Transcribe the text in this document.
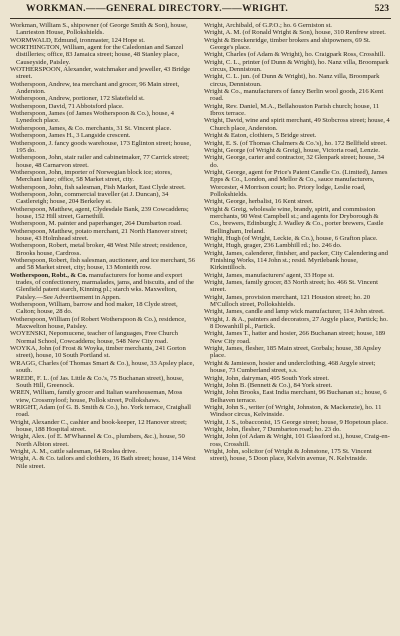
WORKMAN.——GENERAL DIRECTORY.——WRIGHT.	523
Workman, William S., shipowner (of George Smith & Son), house, Lanrieston House, Pollokshields.
WORMWALD, Edmund, ironmaster, 124 Hope st.
WORTHINGTON, William, agent for the Caledonian and Sanzel distilleries; office, 83 Jamaica street; house, 48 Stanley place, Causeyside, Paisley.
WOTHERSPOON, Alexander, watchmaker and jeweller, 43 Bridge street.
Wotherspoon, Andrew, tea merchant and grocer, 96 Main street, Anderston.
Wotherspoon, Andrew, portioner, 172 Slatefield st.
Wotherspoon, David, 71 Abbotsford place.
Wotherspoon, James (of James Wotherspoon & Co.), house, 4 Lynedoch place.
Wotherspoon, James, & Co. merchants, 31 St. Vincent place.
Wotherspoon, James H., 3 Langside crescent.
Wotherspoon, J. fancy goods warehouse, 173 Eglinton street; house, 195 do.
Wotherspoon, John, stair railer and cabinetmaker, 77 Carrick street; house, 48 Carnarvon street.
Wotherspoon, John, importer of Norwegian block ice; stores, Merchant lane; office, 58 Market street, city.
Wotherspoon, John, fish salesman, Fish Market, East Clyde street.
Wotherspoon, John, commercial traveller (at J. Duncan), 34 Castlereigh; house, 204 Berkeley st.
Wotherspoon, Matthew, agent, Clydesdale Bank, 239 Cowcaddens; house, 152 Hill street, Garnethill.
Wotherspoon, M. painter and paperhanger, 264 Dumbarton road.
Wotherspoon, Matthew, potato merchant, 21 North Hanover street; house, 43 Holmhead street.
Wotherspoon, Robert, metal broker, 48 West Nile street; residence, Brooks house, Cardross.
Wotherspoon, Robert, fish salesman, auctioneer, and ice merchant, 56 and 58 Market street, city; house, 13 Monteith row.
Wotherspoon, Robt., & Co. manufacturers for home and export trades, of confectionery, marmalades, jams, and biscuits, and of the Glenfield patent starch, Kinning pl.; starch wks. Maxwelton, Paisley.—See Advertisement in Appen.
Wotherspoon, William, barrow and hod maker, 18 Clyde street, Calton; house, 28 do.
Wotherspoon, William (of Robert Wotherspoon & Co.), residence, Maxwelton house, Paisley.
WOYENSKI, Nepomucene, teacher of languages, Free Church Normal School, Cowcaddens; house, 548 New City road.
WOYKA, John (of Frost & Woyka, timber merchants, 241 Gorton street), house, 10 South Portland st.
WRAGG, Charles (of Thomas Smart & Co.), house, 33 Apsley place, south.
WREDE, F. L. (of Jas. Little & Co.'s, 75 Buchanan street), house, South Hill, Greenock.
WREN, William, family grocer and Italian warehouseman, Moss view, Crossmyloof; house, Pollok street, Pollokshaws.
WRIGHT, Adam (of G. B. Smith & Co.), ho. York terrace, Craighall road.
Wright, Alexander C., cashier and book-keeper, 12 Hanover street; house, 188 Hospital street.
Wright, Alex. (of E. M'Whannel & Co., plumbers, &c.), house, 50 North Albion street.
Wright, A. M., cattle salesman, 64 Roslea drive.
Wright, A. & Co. tailors and clothiers, 16 Bath street; house, 114 West Nile street.
Wright, Archibald, of G.P.O.; ho. 6 Gerniston st.
Wright, A. M. (of Ronald Wright & Son), house, 310 Renfrew street.
Wright & Breckenridge, timber brokers and shipowners, 69 St. George's place.
Wright, Charles (of Adam & Wright), ho. Craigpark Ross, Crosshill.
Wright, C. L., printer (of Dunn & Wright), ho. Nanz villa, Broompark circus, Dennistoun.
Wright, C. L. jun. (of Dunn & Wright), ho. Nanz villa, Broompark circus, Dennistoun.
Wright & Co., manufacturers of fancy Berlin wool goods, 216 Kent road.
Wright, Rev. Daniel, M.A., Bellahouston Parish church; house, 11 Ibrox terrace.
Wright, David, wine and spirit merchant, 49 Stobcross street; house, 4 Church place, Anderston.
Wright & Eaton, clothiers, 5 Bridge street.
Wright, E. S. (of Thomas Chalmers & Co.'s), ho. 172 Bellfield street.
Wright, George (of Wright & Greig), house, Victoria road, Lenzie.
Wright, George, carter and contractor, 32 Glenpark street; house, 34 do.
Wright, George, agent for Price's Patent Candle Co. (Limited), James Epps & Co., London, and Mellor & Co., sauce manufacturers, Worcester, 4 Morrison court; ho. Priory lodge, Leslie road, Pollokshields.
Wright, George, herbalist, 16 Kent street.
Wright & Greig, wholesale wine, brandy, spirit, and commission merchants, 90 West Campbell st.; and agents for Dryborough & Co., brewers, Edinburgh; J. Wadley & Co., porter brewers, Castle Bellingham, Ireland.
Wright, Hugh (of Wright, Leckie, & Co.), house, 6 Grafton place.
Wright, Hugh, grager, 236 Lambhill rd.; ho. 246 do.
Wright, James, calenderer, finisher, and packer, City Calendering and Finishing Works, 114 John st.; resid. Myrtlebank house, Kirkintilloch.
Wright, James, manufacturers' agent, 33 Hope st.
Wright, James, family grocer, 83 North street; ho. 466 St. Vincent street.
Wright, James, provision merchant, 121 Houston street; ho. 20 M'Culloch street, Pollokshields.
Wright, James, candle and lamp wick manufacturer, 114 John street.
Wright, J. & A., painters and decorators, 27 Argyle place, Partick; ho. 8 Dowanhill pl., Partick.
Wright, James T., hatter and hosier, 266 Buchanan street; house, 189 New City road.
Wright, James, flesher, 185 Main street, Gorbals; house, 38 Apsley place.
Wright & Jamieson, hosier and underclothing, 468 Argyle street; house, 73 Cumberland street, s.s.
Wright, John, dairyman, 495 South York street.
Wright, John B. (Bennett & Co.), 84 York street.
Wright, John Brooks, East India merchant, 96 Buchanan st.; house, 6 Belhaven terrace.
Wright, John S., writer (of Wright, Johnston, & Mackenzie), ho. 11 Windsor circus, Kelvinside.
Wright, J. S., tobacconist, 15 George street; house, 9 Hopetoun place.
Wright, John, flesher, 7 Dumbarton road; ho. 23 do.
Wright, John (of Adam & Wright, 101 Glassford st.), house, Craig-en-ross, Crosshill.
Wright, John, solicitor (of Wright & Johnstone, 175 St. Vincent street), house, 5 Doon place, Kelvin avenue, N. Kelvinside.
